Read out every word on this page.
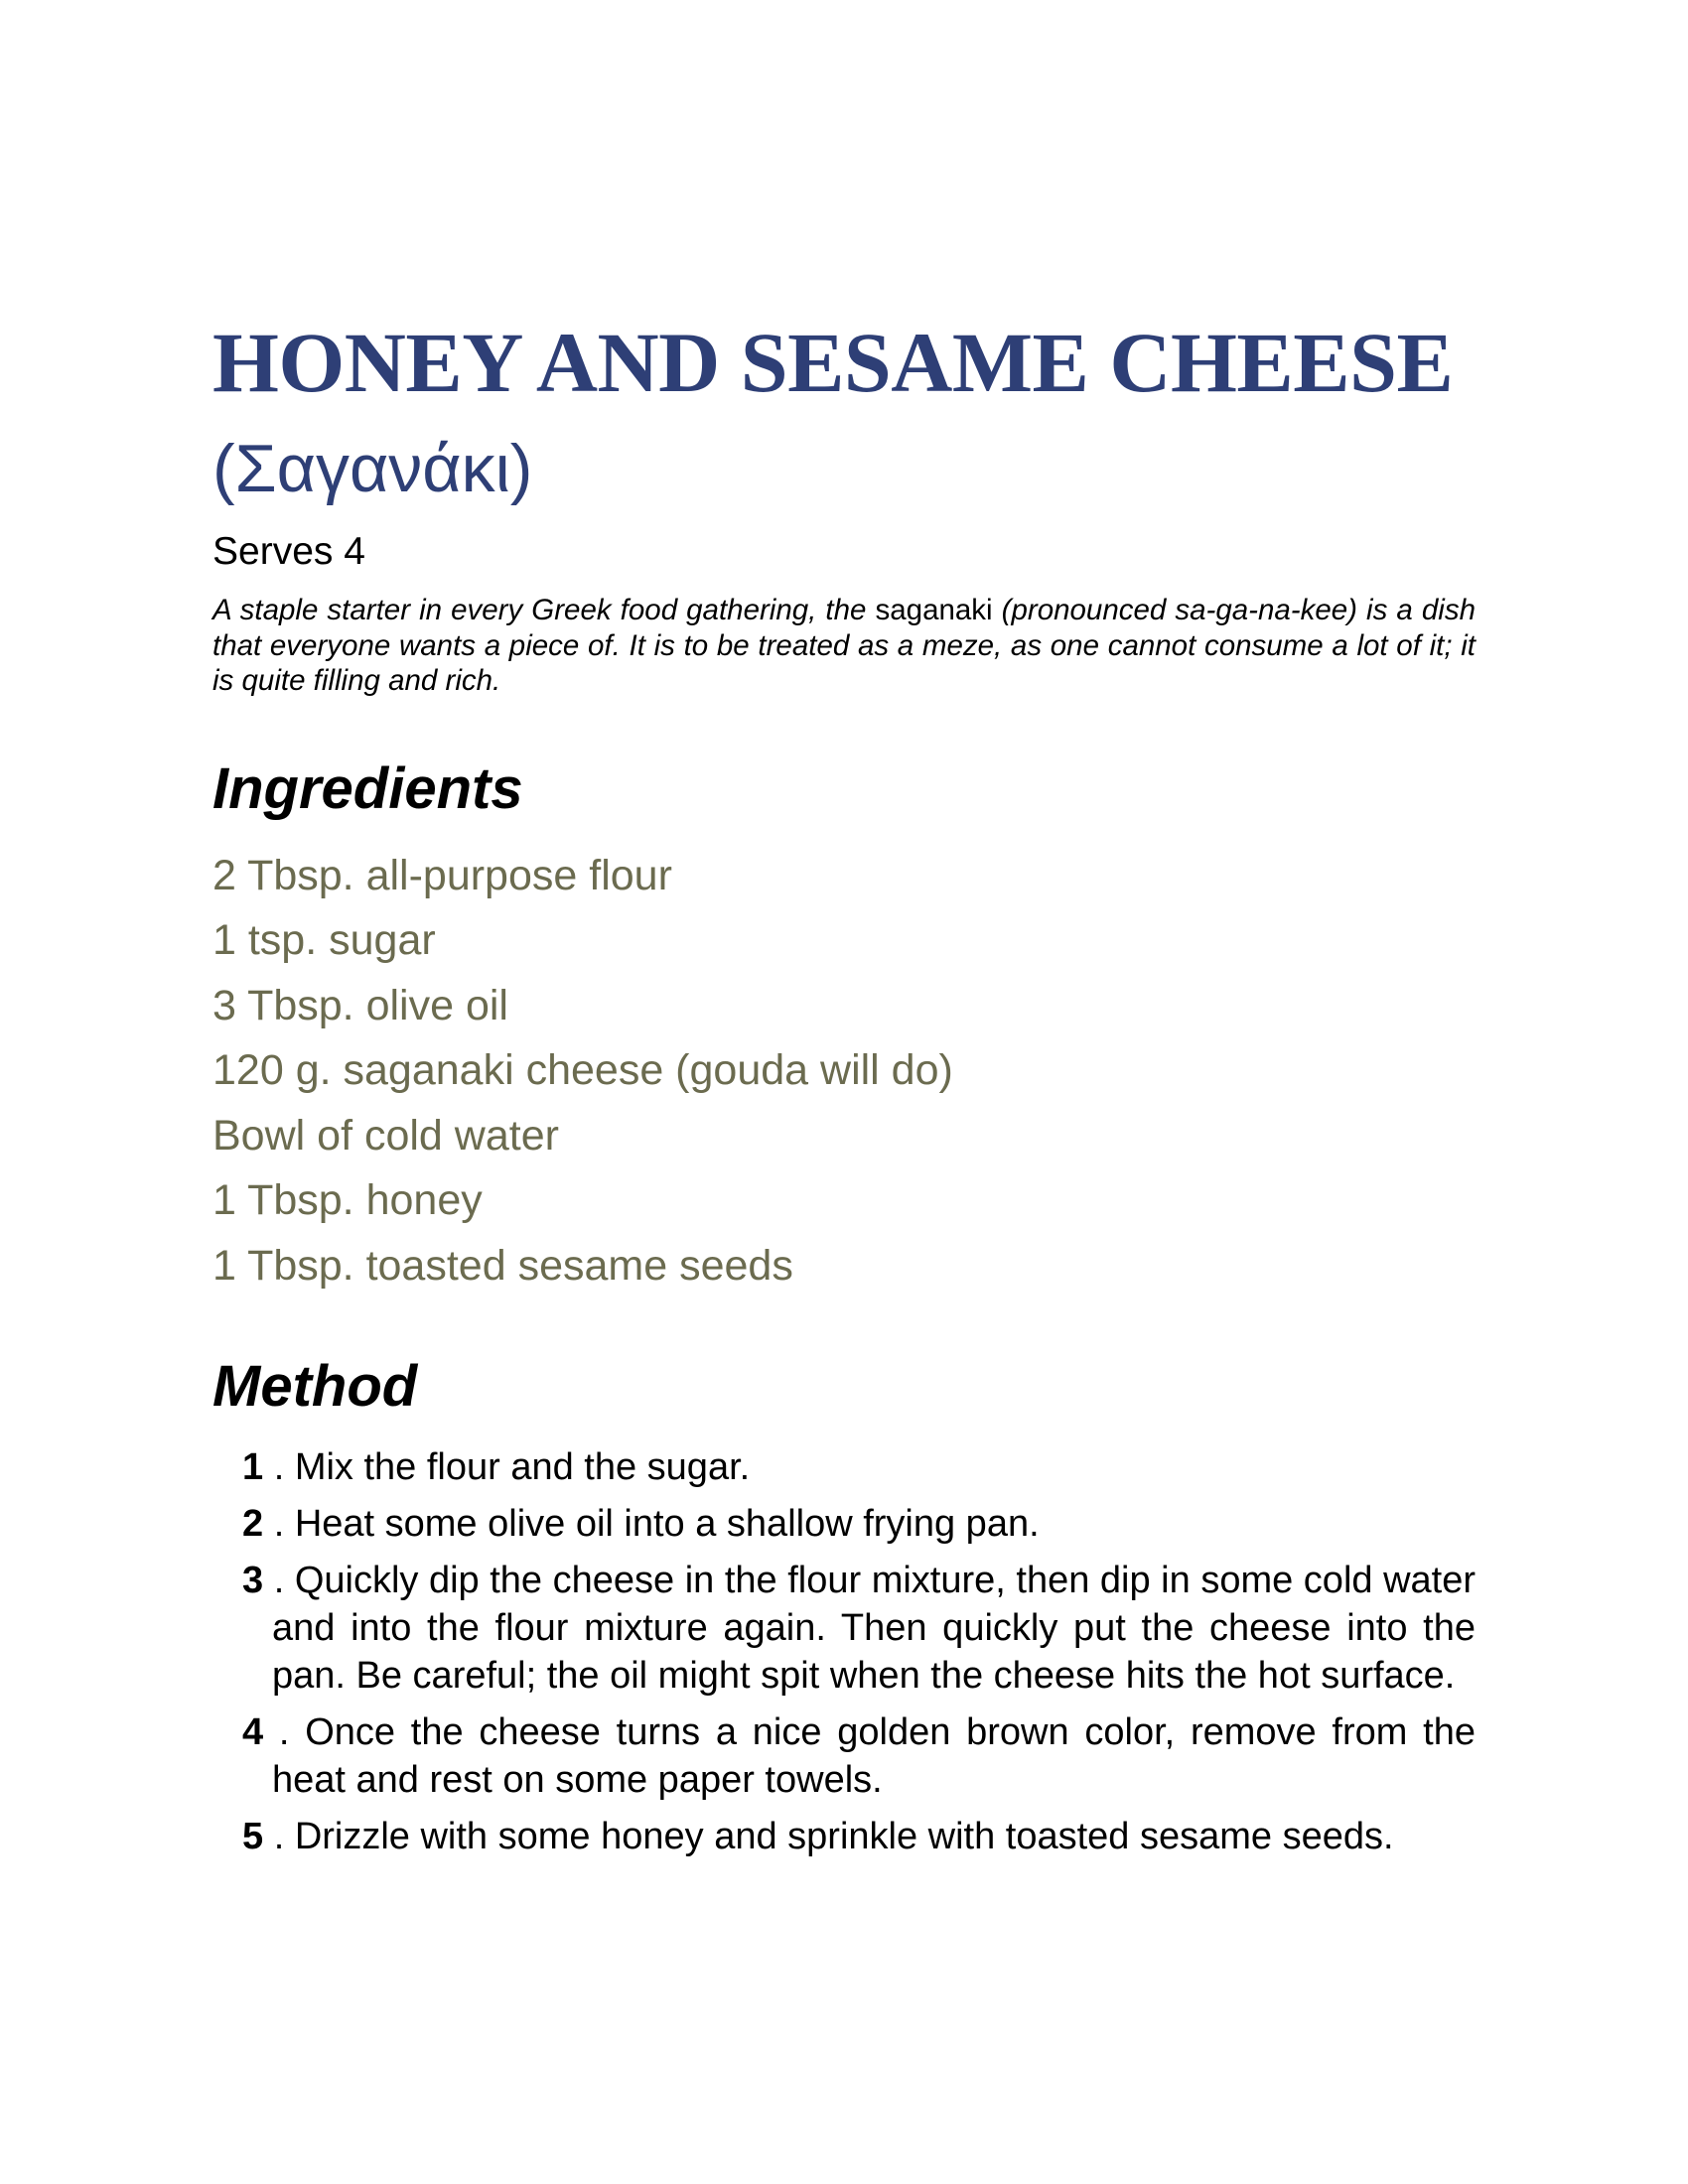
HONEY AND SESAME CHEESE
(Σαγανάκι)
Serves 4

A staple starter in every Greek food gathering, the saganaki (pronounced sa-ga-na-kee) is a dish that everyone wants a piece of. It is to be treated as a meze, as one cannot consume a lot of it; it is quite filling and rich.

Ingredients
2 Tbsp. all-purpose flour
1 tsp. sugar
3 Tbsp. olive oil
120 g. saganaki cheese (gouda will do)
Bowl of cold water
1 Tbsp. honey
1 Tbsp. toasted sesame seeds
Method
1 . Mix the flour and the sugar.
2 . Heat some olive oil into a shallow frying pan.
3 . Quickly dip the cheese in the flour mixture, then dip in some cold water and into the flour mixture again. Then quickly put the cheese into the pan. Be careful; the oil might spit when the cheese hits the hot surface.
4 . Once the cheese turns a nice golden brown color, remove from the heat and rest on some paper towels.
5 . Drizzle with some honey and sprinkle with toasted sesame seeds.
